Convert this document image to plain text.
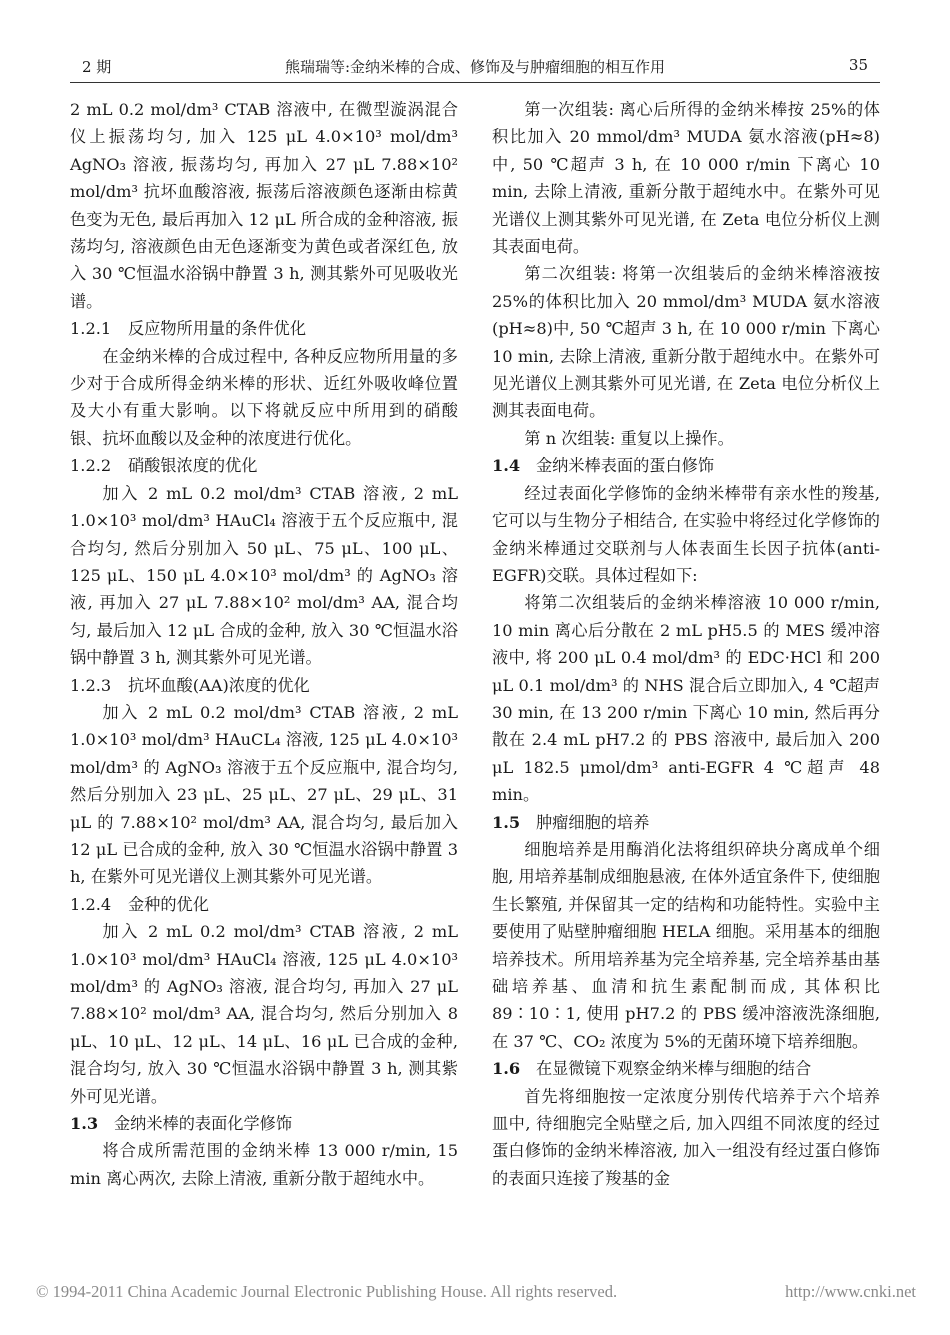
2 期	熊瑞瑞等:金纳米棒的合成、修饰及与肿瘤细胞的相互作用	35

2 mL 0.2 mol/dm³ CTAB 溶液中, 在微型漩涡混合仪上振荡均匀, 加入 125 μL 4.0×10³ mol/dm³ AgNO₃ 溶液, 振荡均匀, 再加入 27 μL 7.88×10² mol/dm³ 抗坏血酸溶液, 振荡后溶液颜色逐渐由棕黄色变为无色, 最后再加入 12 μL 所合成的金种溶液, 振荡均匀, 溶液颜色由无色逐渐变为黄色或者深红色, 放入 30 ℃恒温水浴锅中静置 3 h, 测其紫外可见吸收光谱。

1.2.1 反应物所用量的条件优化

在金纳米棒的合成过程中, 各种反应物所用量的多少对于合成所得金纳米棒的形状、近红外吸收峰位置及大小有重大影响。以下将就反应中所用到的硝酸银、抗坏血酸以及金种的浓度进行优化。

1.2.2 硝酸银浓度的优化

加入 2 mL 0.2 mol/dm³ CTAB 溶液, 2 mL 1.0×10³ mol/dm³ HAuCl₄ 溶液于五个反应瓶中, 混合均匀, 然后分别加入 50 μL、75 μL、100 μL、125 μL、150 μL 4.0×10³ mol/dm³ 的 AgNO₃ 溶液, 再加入 27 μL 7.88×10² mol/dm³ AA, 混合均匀, 最后加入 12 μL 合成的金种, 放入 30 ℃恒温水浴锅中静置 3 h, 测其紫外可见光谱。

1.2.3 抗坏血酸(AA)浓度的优化

加入 2 mL 0.2 mol/dm³ CTAB 溶液, 2 mL 1.0×10³ mol/dm³ HAuCL₄ 溶液, 125 μL 4.0×10³ mol/dm³ 的 AgNO₃ 溶液于五个反应瓶中, 混合均匀, 然后分别加入 23 μL、25 μL、27 μL、29 μL、31 μL 的 7.88×10² mol/dm³ AA, 混合均匀, 最后加入 12 μL 已合成的金种, 放入 30 ℃恒温水浴锅中静置 3 h, 在紫外可见光谱仪上测其紫外可见光谱。

1.2.4 金种的优化

加入 2 mL 0.2 mol/dm³ CTAB 溶液, 2 mL 1.0×10³ mol/dm³ HAuCl₄ 溶液, 125 μL 4.0×10³ mol/dm³ 的 AgNO₃ 溶液, 混合均匀, 再加入 27 μL 7.88×10² mol/dm³ AA, 混合均匀, 然后分别加入 8 μL、10 μL、12 μL、14 μL、16 μL 已合成的金种, 混合均匀, 放入 30 ℃恒温水浴锅中静置 3 h, 测其紫外可见光谱。

1.3 金纳米棒的表面化学修饰

将合成所需范围的金纳米棒 13 000 r/min, 15 min 离心两次, 去除上清液, 重新分散于超纯水中。

第一次组装: 离心后所得的金纳米棒按 25%的体积比加入 20 mmol/dm³ MUDA 氨水溶液(pH≈8)中, 50 ℃超声 3 h, 在 10 000 r/min 下离心 10 min, 去除上清液, 重新分散于超纯水中。在紫外可见光谱仪上测其紫外可见光谱, 在 Zeta 电位分析仪上测其表面电荷。

第二次组装: 将第一次组装后的金纳米棒溶液按 25%的体积比加入 20 mmol/dm³ MUDA 氨水溶液(pH≈8)中, 50 ℃超声 3 h, 在 10 000 r/min 下离心 10 min, 去除上清液, 重新分散于超纯水中。在紫外可见光谱仪上测其紫外可见光谱, 在 Zeta 电位分析仪上测其表面电荷。

第 n 次组装: 重复以上操作。

1.4 金纳米棒表面的蛋白修饰

经过表面化学修饰的金纳米棒带有亲水性的羧基, 它可以与生物分子相结合, 在实验中将经过化学修饰的金纳米棒通过交联剂与人体表面生长因子抗体(anti-EGFR)交联。具体过程如下:

将第二次组装后的金纳米棒溶液 10 000 r/min, 10 min 离心后分散在 2 mL pH5.5 的 MES 缓冲溶液中, 将 200 μL 0.4 mol/dm³ 的 EDC·HCl 和 200 μL 0.1 mol/dm³ 的 NHS 混合后立即加入, 4 ℃超声 30 min, 在 13 200 r/min 下离心 10 min, 然后再分散在 2.4 mL pH7.2 的 PBS 溶液中, 最后加入 200 μL 182.5 μmol/dm³ anti-EGFR 4 ℃超声 48 min。

1.5 肿瘤细胞的培养

细胞培养是用酶消化法将组织碎块分离成单个细胞, 用培养基制成细胞悬液, 在体外适宜条件下, 使细胞生长繁殖, 并保留其一定的结构和功能特性。实验中主要使用了贴壁肿瘤细胞 HELA 细胞。采用基本的细胞培养技术。所用培养基为完全培养基, 完全培养基由基础培养基、血清和抗生素配制而成, 其体积比 89∶10∶1, 使用 pH7.2 的 PBS 缓冲溶液洗涤细胞, 在 37 ℃、CO₂ 浓度为 5%的无菌环境下培养细胞。

1.6 在显微镜下观察金纳米棒与细胞的结合

首先将细胞按一定浓度分别传代培养于六个培养皿中, 待细胞完全贴壁之后, 加入四组不同浓度的经过蛋白修饰的金纳米棒溶液, 加入一组没有经过蛋白修饰的表面只连接了羧基的金

© 1994-2011 China Academic Journal Electronic Publishing House. All rights reserved.	http://www.cnki.net
